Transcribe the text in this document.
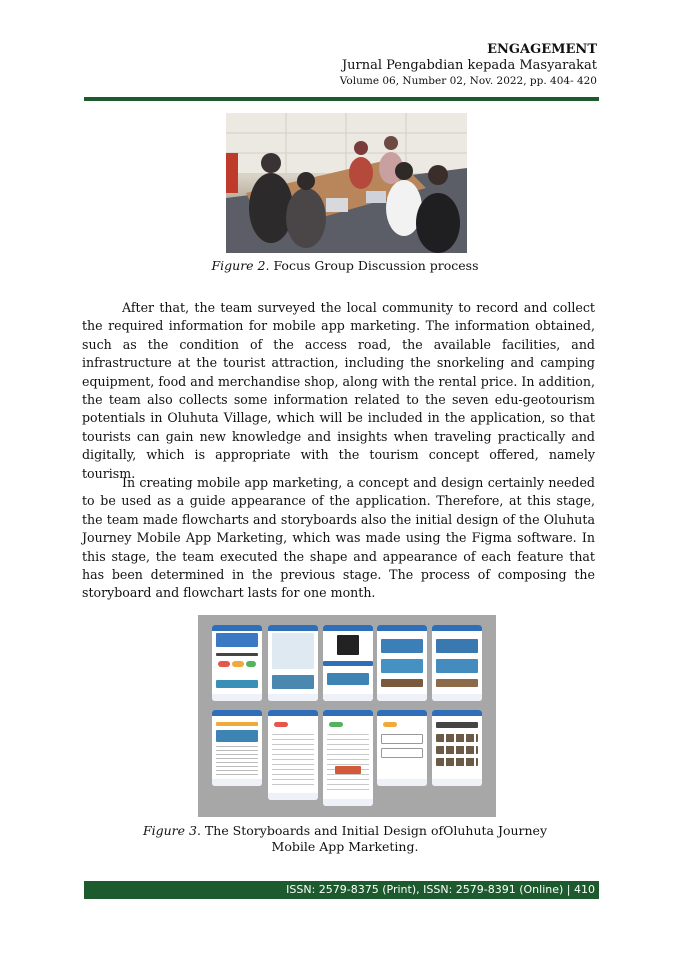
ENGAGEMENT
Jurnal Pengabdian kepada Masyarakat
Volume 06, Number 02, Nov. 2022, pp. 404- 420
Figure 2. Focus Group Discussion process

After that, the team surveyed the local community to record and collect the required information for mobile app marketing. The information obtained, such as the condition of the access road, the available facilities, and infrastructure at the tourist attraction, including the snorkeling and camping equipment, food and merchandise shop, along with the rental price. In addition, the team also collects some information related to the seven edu-geotourism potentials in Oluhuta Village, which will be included in the application, so that tourists can gain new knowledge and insights when traveling practically and digitally, which is appropriate with the tourism concept offered, namely tourism.

In creating mobile app marketing, a concept and design certainly needed to be used as a guide appearance of the application. Therefore, at this stage, the team made flowcharts and storyboards also the initial design of the Oluhuta Journey Mobile App Marketing, which was made using the Figma software. In this stage, the team executed the shape and appearance of each feature that has been determined in the previous stage. The process of composing the storyboard and flowchart lasts for one month.

Figure 3. The Storyboards and Initial Design ofOluhuta Journey Mobile App Marketing.
ISSN: 2579-8375 (Print), ISSN: 2579-8391 (Online) | 410
